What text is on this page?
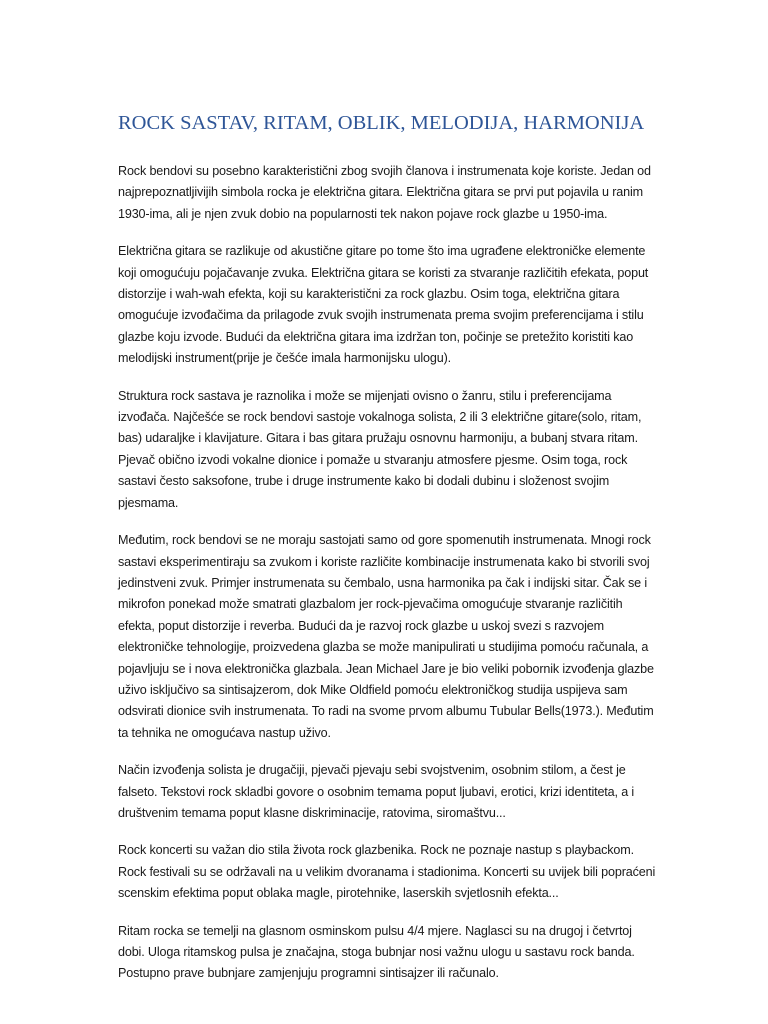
ROCK SASTAV, RITAM, OBLIK, MELODIJA, HARMONIJA

Rock bendovi su posebno karakteristični zbog svojih članova i instrumenata koje koriste. Jedan od najprepoznatljivijih simbola rocka je električna gitara. Električna gitara se prvi put pojavila u ranim 1930-ima, ali je njen zvuk dobio na popularnosti tek nakon pojave rock glazbe u 1950-ima.

Električna gitara se razlikuje od akustične gitare po tome što ima ugrađene elektroničke elemente koji omogućuju pojačavanje zvuka. Električna gitara se koristi za stvaranje različitih efekata, poput distorzije i wah-wah efekta, koji su karakteristični za rock glazbu. Osim toga, električna gitara omogućuje izvođačima da prilagode zvuk svojih instrumenata prema svojim preferencijama i stilu glazbe koju izvode. Budući da električna gitara ima izdržan ton, počinje se pretežito koristiti kao melodijski instrument(prije je češće imala harmonijsku ulogu).

Struktura rock sastava je raznolika i može se mijenjati ovisno o žanru, stilu i preferencijama izvođača. Najčešće se rock bendovi sastoje vokalnoga solista, 2 ili 3 električne gitare(solo, ritam, bas) udaraljke i klavijature. Gitara i bas gitara pružaju osnovnu harmoniju, a bubanj stvara ritam. Pjevač obično izvodi vokalne dionice i pomaže u stvaranju atmosfere pjesme. Osim toga, rock sastavi često saksofone, trube i druge instrumente kako bi dodali dubinu i složenost svojim pjesmama.

Međutim, rock bendovi se ne moraju sastojati samo od gore spomenutih instrumenata. Mnogi rock sastavi eksperimentiraju sa zvukom i koriste različite kombinacije instrumenata kako bi stvorili svoj jedinstveni zvuk. Primjer instrumenata su čembalo, usna harmonika pa čak i indijski sitar. Čak se i mikrofon ponekad može smatrati glazbalom jer rock-pjevačima omogućuje stvaranje različitih efekta, poput distorzije i reverba. Budući da je razvoj rock glazbe u uskoj svezi s razvojem elektroničke tehnologije, proizvedena glazba se može manipulirati u studijima pomoću računala, a pojavljuju se i nova elektronička glazbala. Jean Michael Jare je bio veliki pobornik izvođenja glazbe uživo isključivo sa sintisajzerom, dok Mike Oldfield pomoću elektroničkog studija uspijeva sam odsvirati dionice svih instrumenata. To radi na svome prvom albumu Tubular Bells(1973.). Međutim ta tehnika ne omogućava nastup uživo.

Način izvođenja solista je drugačiji, pjevači pjevaju sebi svojstvenim, osobnim stilom, a čest je falseto. Tekstovi rock skladbi govore o osobnim temama poput ljubavi, erotici, krizi identiteta, a i društvenim temama poput klasne diskriminacije, ratovima, siromaštvu...

Rock koncerti su važan dio stila života rock glazbenika. Rock ne poznaje nastup s playbackom. Rock festivali su se održavali na u velikim dvoranama i stadionima. Koncerti su uvijek bili popraćeni scenskim efektima poput oblaka magle, pirotehnike, laserskih svjetlosnih efekta...

Ritam rocka se temelji na glasnom osminskom pulsu 4/4 mjere. Naglasci su na drugoj i četvrtoj dobi. Uloga ritamskog pulsa je značajna, stoga bubnjar nosi važnu ulogu u sastavu rock banda. Postupno prave bubnjare zamjenjuju programni sintisajzer ili računalo.
